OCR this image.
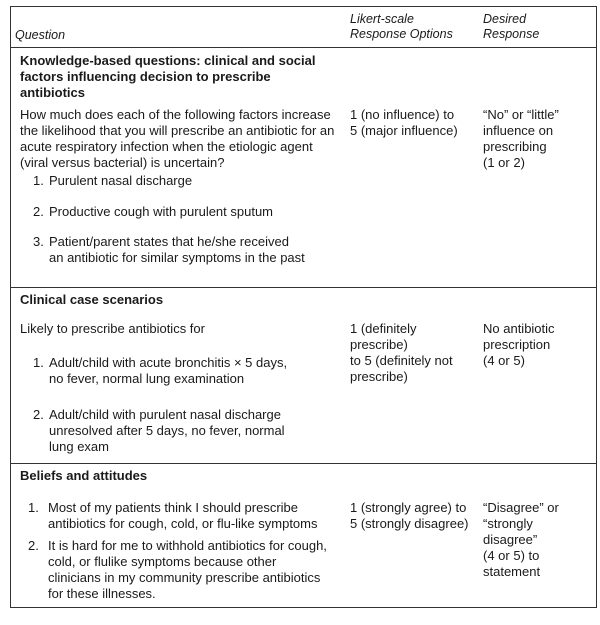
Question
Likert-scale
Response Options
Desired
Response
Knowledge-based questions: clinical and social
factors influencing decision to prescribe
antibiotics
How much does each of the following factors increase
the likelihood that you will prescribe an antibiotic for an
acute respiratory infection when the etiologic agent
(viral versus bacterial) is uncertain?
1. Purulent nasal discharge
2. Productive cough with purulent sputum
3. Patient/parent states that he/she received
an antibiotic for similar symptoms in the past
1 (no influence) to
5 (major influence)
“No” or “little”
influence on
prescribing
(1 or 2)
Clinical case scenarios
Likely to prescribe antibiotics for
1. Adult/child with acute bronchitis × 5 days,
no fever, normal lung examination
2. Adult/child with purulent nasal discharge
unresolved after 5 days, no fever, normal
lung exam
1 (definitely
prescribe)
to 5 (definitely not
prescribe)
No antibiotic
prescription
(4 or 5)
Beliefs and attitudes
1. Most of my patients think I should prescribe
antibiotics for cough, cold, or flu-like symptoms
2. It is hard for me to withhold antibiotics for cough,
cold, or flulike symptoms because other
clinicians in my community prescribe antibiotics
for these illnesses.
1 (strongly agree) to
5 (strongly disagree)
“Disagree” or
“strongly
disagree”
(4 or 5) to
statement
